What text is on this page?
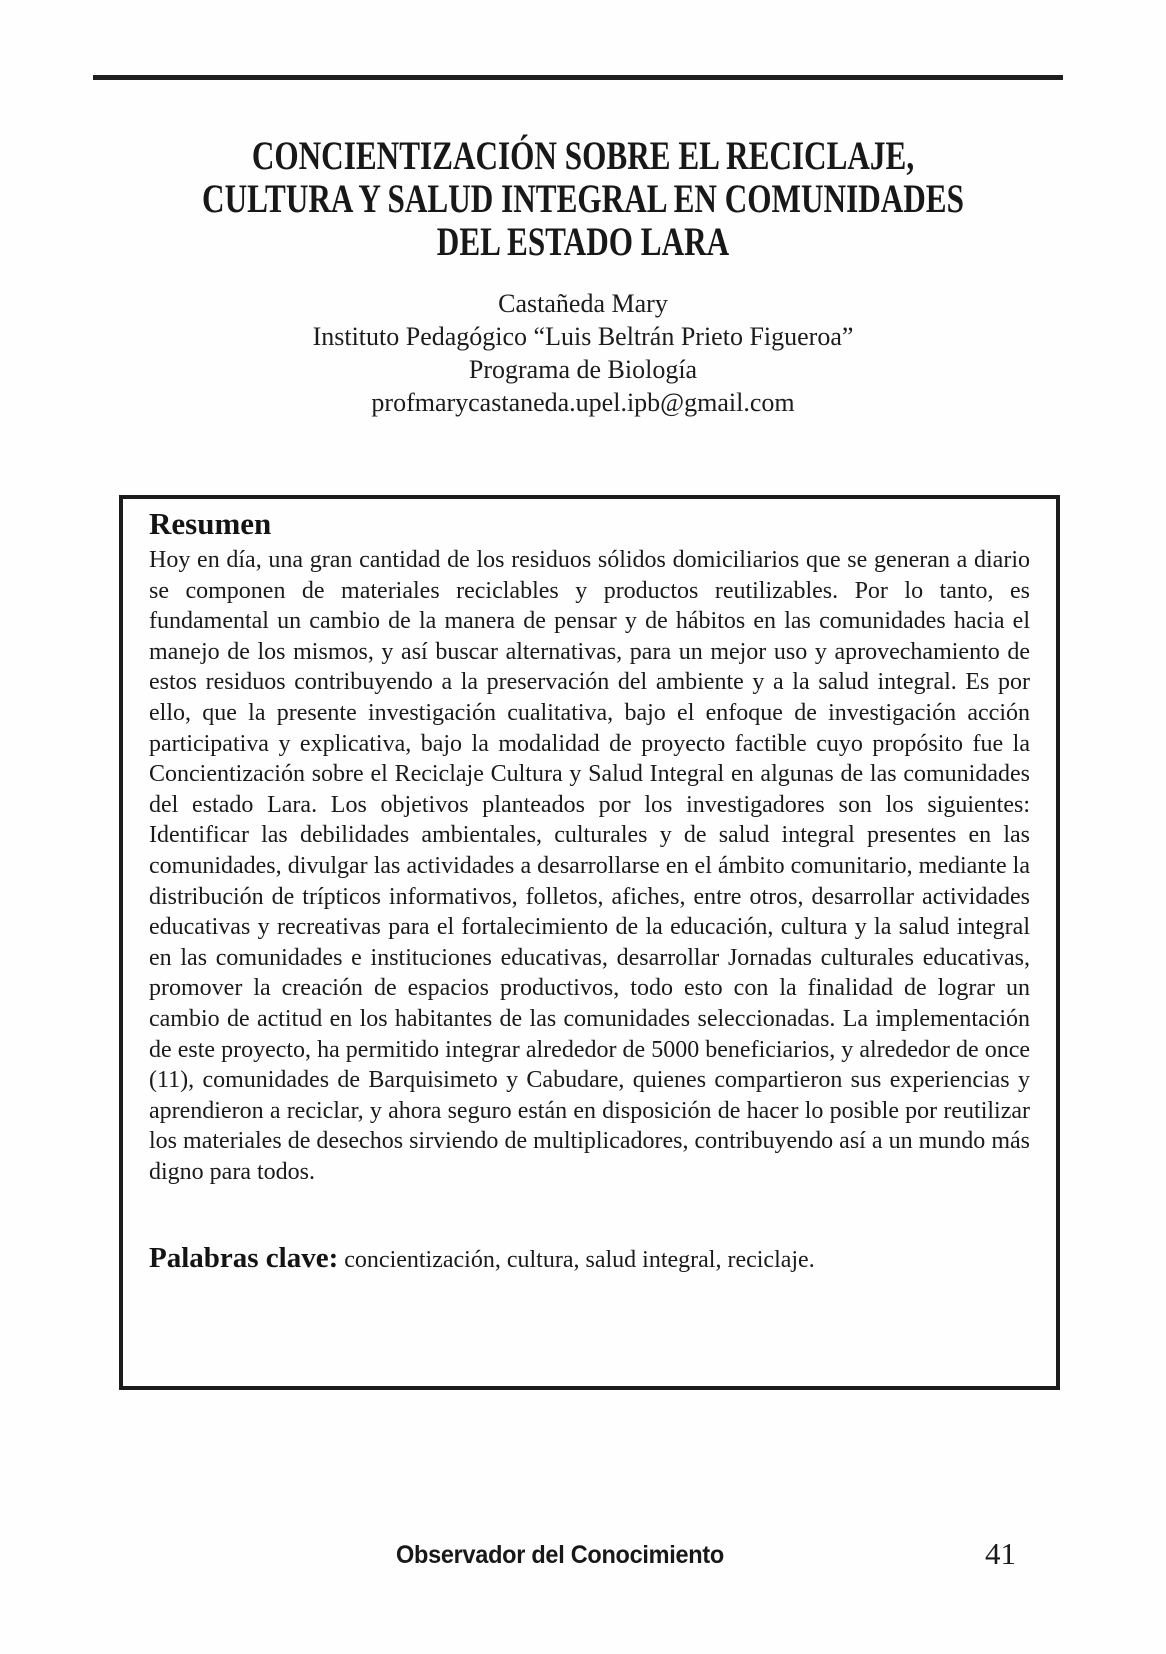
CONCIENTIZACIÓN SOBRE EL RECICLAJE,
CULTURA Y SALUD INTEGRAL EN COMUNIDADES
DEL ESTADO LARA
Castañeda Mary
Instituto Pedagógico “Luis Beltrán Prieto Figueroa”
Programa de Biología
profmarycastaneda.upel.ipb@gmail.com
Resumen

Hoy en día, una gran cantidad de los residuos sólidos domiciliarios que se generan a diario se componen de materiales reciclables y productos reutilizables. Por lo tanto, es fundamental un cambio de la manera de pensar y de hábitos en las comunidades hacia el manejo de los mismos, y así buscar alternativas, para un mejor uso y aprovechamiento de estos residuos contribuyendo a la preservación del ambiente y a la salud integral. Es por ello, que la presente investigación cualitativa, bajo el enfoque de investigación acción participativa y explicativa, bajo la modalidad de proyecto factible cuyo propósito fue la Concientización sobre el Reciclaje Cultura y Salud Integral en algunas de las comunidades del estado Lara. Los objetivos planteados por los investigadores son los siguientes: Identificar las debilidades ambientales, culturales y de salud integral presentes en las comunidades, divulgar las actividades a desarrollarse en el ámbito comunitario, mediante la distribución de trípticos informativos, folletos, afiches, entre otros, desarrollar actividades educativas y recreativas para el fortalecimiento de la educación, cultura y la salud integral en las comunidades e instituciones educativas, desarrollar Jornadas culturales educativas, promover la creación de espacios productivos, todo esto con la finalidad de lograr un cambio de actitud en los habitantes de las comunidades seleccionadas. La implementación de este proyecto, ha permitido integrar alrededor de 5000 beneficiarios, y alrededor de once (11), comunidades de Barquisimeto y Cabudare, quienes compartieron sus experiencias y aprendieron a reciclar, y ahora seguro están en disposición de hacer lo posible por reutilizar los materiales de desechos sirviendo de multiplicadores, contribuyendo así a un mundo más digno para todos.

Palabras clave: concientización, cultura, salud integral, reciclaje.

Observador del Conocimiento	41
